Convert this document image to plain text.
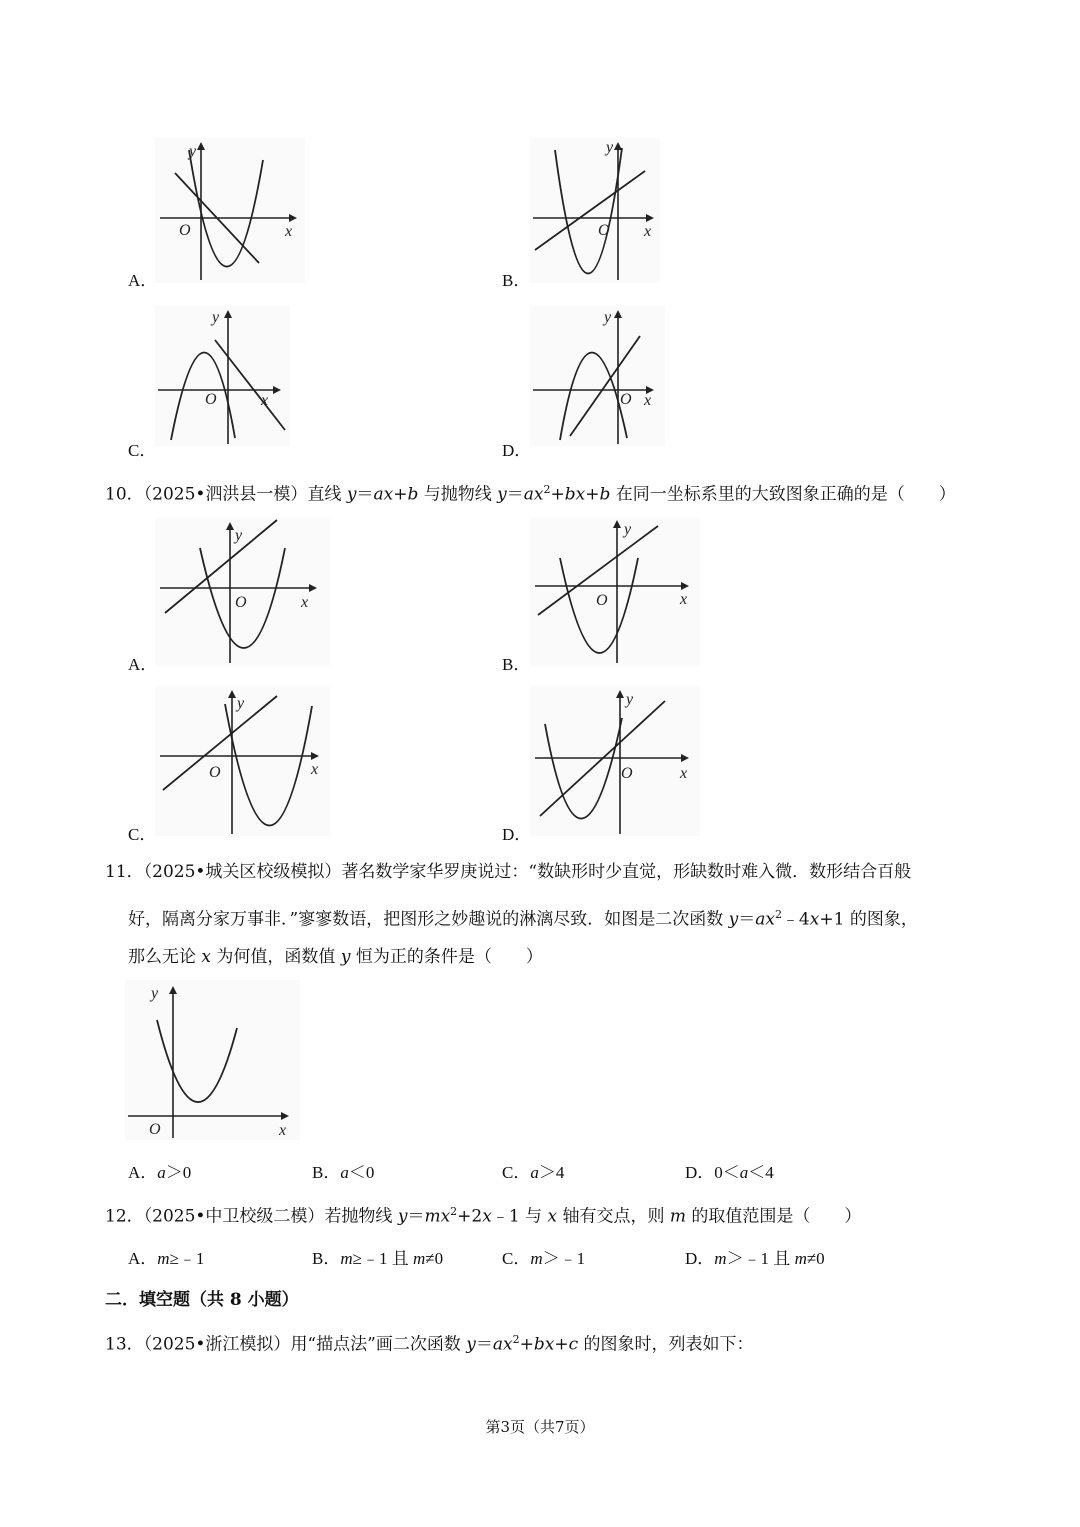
y
x
O
A．
y
x
O
B．
y
x
O
C．
y
x
O
D．
10．（2025•泗洪县一模）直线 y＝ax+b 与抛物线 $y=ax^2+bx+b$ 在同一坐标系里的大致图象正确的是（　　）
y
x
O
A．
y
x
O
B．
y
x
O
C．
y
x
O
D．
11．（2025•城关区校级模拟）著名数学家华罗庚说过：“数缺形时少直觉，形缺数时难入微．数形结合百般
好，隔离分家万事非．”寥寥数语，把图形之妙趣说的淋漓尽致．如图是二次函数 $y=ax^2﹣4x+1$ 的图象，
那么无论 x 为何值，函数值 y 恒为正的条件是（　　）
y
x
O
A．a＞0	B．a＜0	C．a＞4	D．0＜a＜4
12．（2025•中卫校级二模）若抛物线 $y=mx^2+2x﹣1$ 与 x 轴有交点，则 m 的取值范围是（　　）
A．m≥﹣1	B．m≥﹣1 且 m≠0	C．m＞﹣1	D．m＞﹣1 且 m≠0
二．填空题（共 8 小题）
13．（2025•浙江模拟）用“描点法”画二次函数 $y=ax^2+bx+c$ 的图象时，列表如下：
第3页（共7页）
